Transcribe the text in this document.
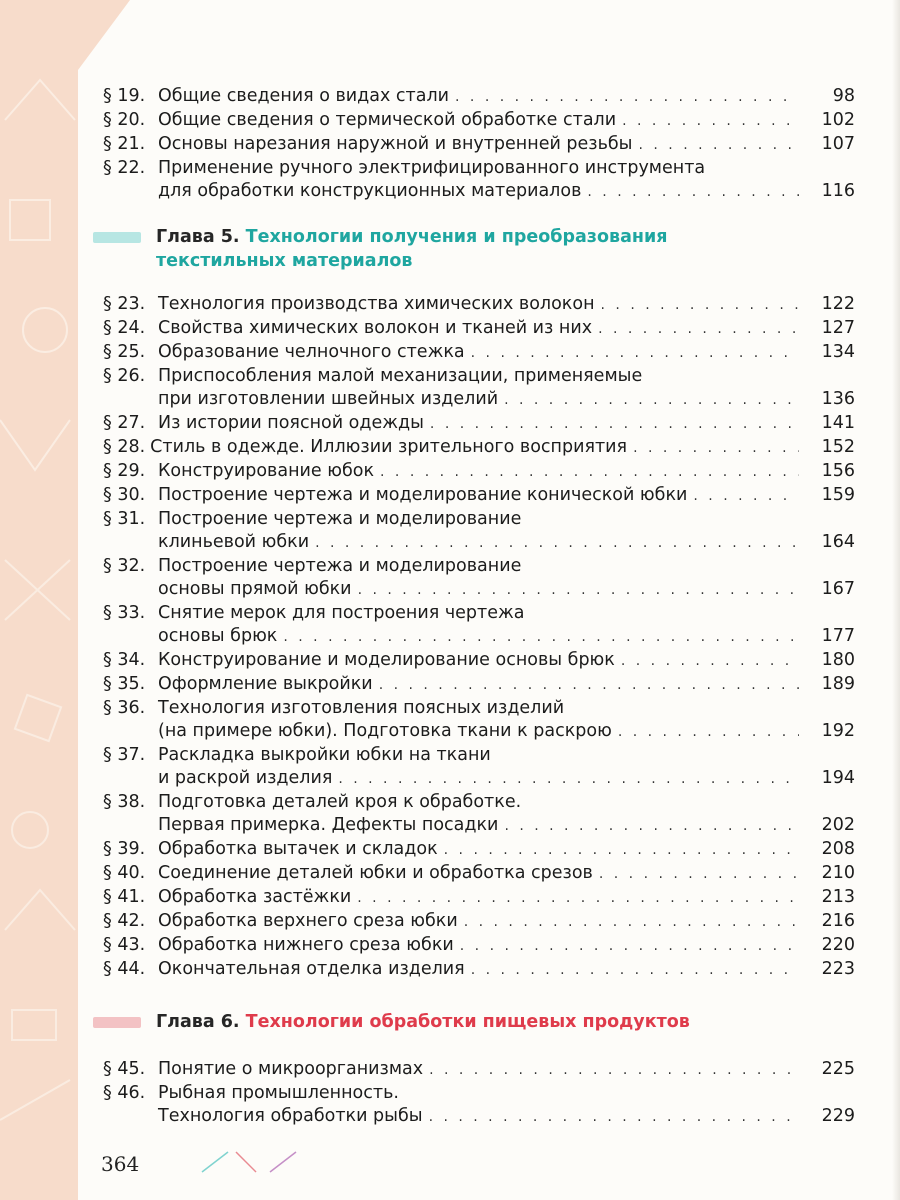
§ 19. Общие сведения о видах стали . . .	98
§ 20. Общие сведения о термической обработке стали . . .	102
§ 21. Основы нарезания наружной и внутренней резьбы . . .	107
§ 22. Применение ручного электрифицированного инструмента
для обработки конструкционных материалов . . .	116
Глава 5. Технологии получения и преобразования
текстильных материалов
§ 23. Технология производства химических волокон . . .	122
§ 24. Свойства химических волокон и тканей из них . . .	127
§ 25. Образование челночного стежка . . .	134
§ 26. Приспособления малой механизации, применяемые
при изготовлении швейных изделий . . .	136
§ 27. Из истории поясной одежды . . .	141
§ 28. Стиль в одежде. Иллюзии зрительного восприятия . . .	152
§ 29. Конструирование юбок . . .	156
§ 30. Построение чертежа и моделирование конической юбки . . .	159
§ 31. Построение чертежа и моделирование
клиньевой юбки . . .	164
§ 32. Построение чертежа и моделирование
основы прямой юбки . . .	167
§ 33. Снятие мерок для построения чертежа
основы брюк . . .	177
§ 34. Конструирование и моделирование основы брюк . . .	180
§ 35. Оформление выкройки . . .	189
§ 36. Технология изготовления поясных изделий
(на примере юбки). Подготовка ткани к раскрою . . .	192
§ 37. Раскладка выкройки юбки на ткани
и раскрой изделия . . .	194
§ 38. Подготовка деталей кроя к обработке.
Первая примерка. Дефекты посадки . . .	202
§ 39. Обработка вытачек и складок . . .	208
§ 40. Соединение деталей юбки и обработка срезов . . .	210
§ 41. Обработка застёжки . . .	213
§ 42. Обработка верхнего среза юбки . . .	216
§ 43. Обработка нижнего среза юбки . . .	220
§ 44. Окончательная отделка изделия . . .	223
Глава 6. Технологии обработки пищевых продуктов
§ 45. Понятие о микроорганизмах . . .	225
§ 46. Рыбная промышленность.
Технология обработки рыбы . . .	229
364
